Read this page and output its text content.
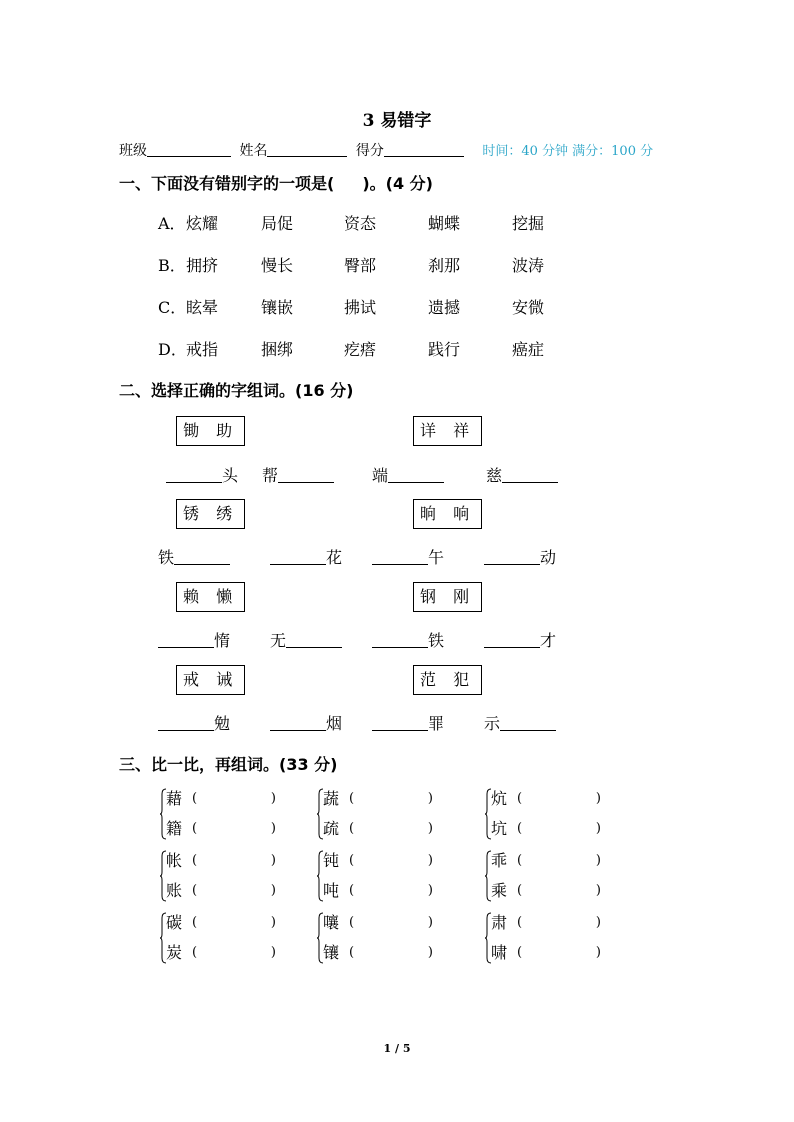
3 易错字
班级	姓名	得分	时间：40 分钟 满分：100 分
一、下面没有错别字的一项是( )。(4 分)
A．
B．
C．
D．
炫耀	局促	资态	蝴蝶	挖掘
拥挤	慢长	臀部	刹那	波涛
眩晕	镶嵌	拂试	遗撼	安微
戒指	捆绑	疙瘩	践行	癌症
二、选择正确的字组词。(16 分)
锄 助	详 祥
头 帮	端	慈
锈 绣	晌 响
铁	花	午	动
赖 懒	钢 刚
惰 无	铁	才
戒 诫	范 犯
勉	烟	罪 示
三、比一比，再组词。(33 分)
藉 (	)
籍 (	)
蔬 (	)
疏 (	)
炕 (	)
坑 (	)
帐 (	)
账 (	)
钝 (	)
吨 (	)
乖 (	)
乘 (	)
碳 (	)
炭 (	)
嚷 (	)
镶 (	)
肃 (	)
啸 (	)
1 / 5
